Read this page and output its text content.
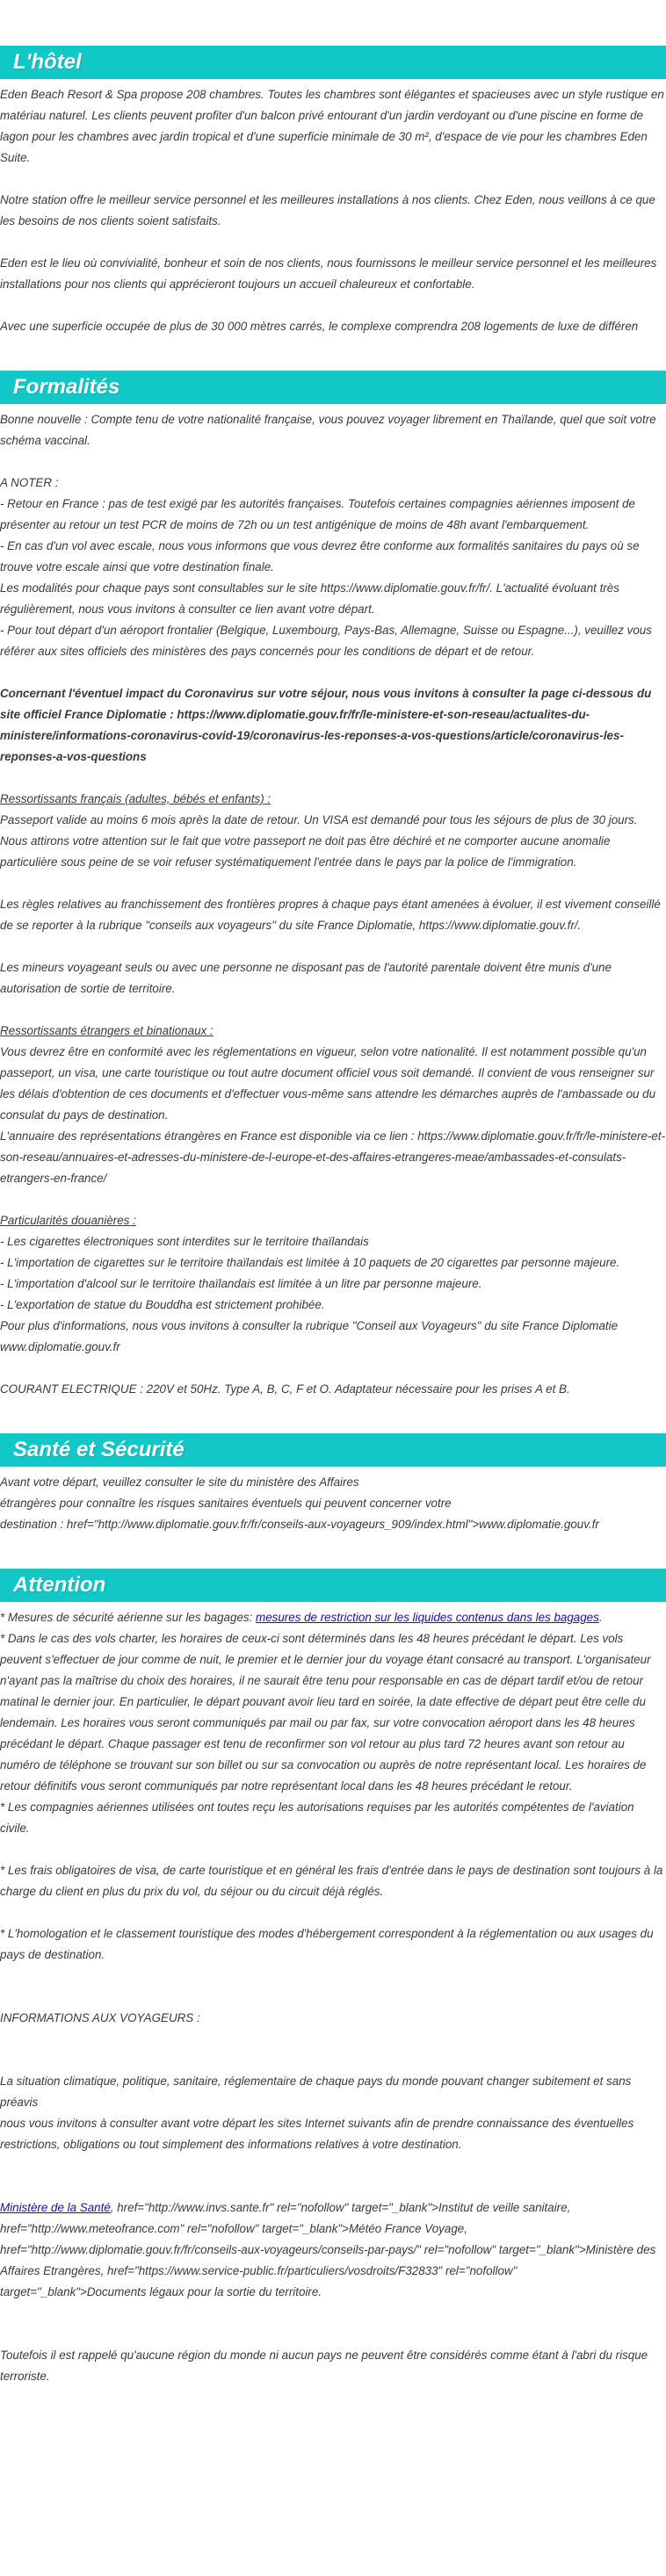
L'hôtel

Eden Beach Resort & Spa propose 208 chambres. Toutes les chambres sont élégantes et spacieuses avec un style rustique en matériau naturel. Les clients peuvent profiter d'un balcon privé entourant d'un jardin verdoyant ou d'une piscine en forme de lagon pour les chambres avec jardin tropical et d'une superficie minimale de 30 m², d'espace de vie pour les chambres Eden Suite.

Notre station offre le meilleur service personnel et les meilleures installations à nos clients. Chez Eden, nous veillons à ce que les besoins de nos clients soient satisfaits.

Eden est le lieu où convivialité, bonheur et soin de nos clients, nous fournissons le meilleur service personnel et les meilleures installations pour nos clients qui apprécieront toujours un accueil chaleureux et confortable.

Avec une superficie occupée de plus de 30 000 mètres carrés, le complexe comprendra 208 logements de luxe de différen

Formalités

Bonne nouvelle : Compte tenu de votre nationalité française, vous pouvez voyager librement en Thaïlande, quel que soit votre schéma vaccinal.

A NOTER :

- Retour en France : pas de test exigé par les autorités françaises. Toutefois certaines compagnies aériennes imposent de présenter au retour un test PCR de moins de 72h ou un test antigénique de moins de 48h avant l'embarquement.

- En cas d'un vol avec escale, nous vous informons que vous devrez être conforme aux formalités sanitaires du pays où se trouve votre escale ainsi que votre destination finale.

Les modalités pour chaque pays sont consultables sur le site https://www.diplomatie.gouv.fr/fr/. L'actualité évoluant très régulièrement, nous vous invitons à consulter ce lien avant votre départ.

- Pour tout départ d'un aéroport frontalier (Belgique, Luxembourg, Pays-Bas, Allemagne, Suisse ou Espagne...), veuillez vous référer aux sites officiels des ministères des pays concernés pour les conditions de départ et de retour.

Concernant l'éventuel impact du Coronavirus sur votre séjour, nous vous invitons à consulter la page ci-dessous du site officiel France Diplomatie : https://www.diplomatie.gouv.fr/fr/le-ministere-et-son-reseau/actualites-du-ministere/informations-coronavirus-covid-19/coronavirus-les-reponses-a-vos-questions/article/coronavirus-les-reponses-a-vos-questions

Ressortissants français (adultes, bébés et enfants) :

Passeport valide au moins 6 mois après la date de retour. Un VISA est demandé pour tous les séjours de plus de 30 jours. Nous attirons votre attention sur le fait que votre passeport ne doit pas être déchiré et ne comporter aucune anomalie particulière sous peine de se voir refuser systématiquement l'entrée dans le pays par la police de l'immigration.

Les règles relatives au franchissement des frontières propres à chaque pays étant amenées à évoluer, il est vivement conseillé de se reporter à la rubrique "conseils aux voyageurs" du site France Diplomatie, https://www.diplomatie.gouv.fr/.

Les mineurs voyageant seuls ou avec une personne ne disposant pas de l'autorité parentale doivent être munis d'une autorisation de sortie de territoire.

Ressortissants étrangers et binationaux :

Vous devrez être en conformité avec les réglementations en vigueur, selon votre nationalité. Il est notamment possible qu'un passeport, un visa, une carte touristique ou tout autre document officiel vous soit demandé. Il convient de vous renseigner sur les délais d'obtention de ces documents et d'effectuer vous-même sans attendre les démarches auprès de l'ambassade ou du consulat du pays de destination.

L'annuaire des représentations étrangères en France est disponible via ce lien : https://www.diplomatie.gouv.fr/fr/le-ministere-et-son-reseau/annuaires-et-adresses-du-ministere-de-l-europe-et-des-affaires-etrangeres-meae/ambassades-et-consulats-etrangers-en-france/

Particularités douanières :

- Les cigarettes électroniques sont interdites sur le territoire thaïlandais

- L'importation de cigarettes sur le territoire thaïlandais est limitée à 10 paquets de 20 cigarettes par personne majeure.

- L'importation d'alcool sur le territoire thaïlandais est limitée à un litre par personne majeure.

- L'exportation de statue du Bouddha est strictement prohibée.

Pour plus d'informations, nous vous invitons à consulter la rubrique "Conseil aux Voyageurs" du site France Diplomatie www.diplomatie.gouv.fr

COURANT ELECTRIQUE : 220V et 50Hz. Type A, B, C, F et O. Adaptateur nécessaire pour les prises A et B.

Santé et Sécurité

Avant votre départ, veuillez consulter le site du ministère des Affaires

étrangères pour connaître les risques sanitaires éventuels qui peuvent concerner votre

destination : href="http://www.diplomatie.gouv.fr/fr/conseils-aux-voyageurs_909/index.html">www.diplomatie.gouv.fr

Attention

* Mesures de sécurité aérienne sur les bagages: mesures de restriction sur les liquides contenus dans les bagages.

* Dans le cas des vols charter, les horaires de ceux-ci sont déterminés dans les 48 heures précédant le départ. Les vols peuvent s'effectuer de jour comme de nuit, le premier et le dernier jour du voyage étant consacré au transport. L'organisateur n'ayant pas la maîtrise du choix des horaires, il ne saurait être tenu pour responsable en cas de départ tardif et/ou de retour matinal le dernier jour. En particulier, le départ pouvant avoir lieu tard en soirée, la date effective de départ peut être celle du lendemain. Les horaires vous seront communiqués par mail ou par fax, sur votre convocation aéroport dans les 48 heures précédant le départ. Chaque passager est tenu de reconfirmer son vol retour au plus tard 72 heures avant son retour au numéro de téléphone se trouvant sur son billet ou sur sa convocation ou auprès de notre représentant local. Les horaires de retour définitifs vous seront communiqués par notre représentant local dans les 48 heures précédant le retour.

* Les compagnies aériennes utilisées ont toutes reçu les autorisations requises par les autorités compétentes de l'aviation civile.

* Les frais obligatoires de visa, de carte touristique et en général les frais d'entrée dans le pays de destination sont toujours à la charge du client en plus du prix du vol, du séjour ou du circuit déjà réglés.

* L'homologation et le classement touristique des modes d'hébergement correspondent à la réglementation ou aux usages du pays de destination.

INFORMATIONS AUX VOYAGEURS :

La situation climatique, politique, sanitaire, réglementaire de chaque pays du monde pouvant changer subitement et sans préavis

nous vous invitons à consulter avant votre départ les sites Internet suivants afin de prendre connaissance des éventuelles restrictions, obligations ou tout simplement des informations relatives à votre destination.

Ministère de la Santé, href="http://www.invs.sante.fr" rel="nofollow" target="_blank">Institut de veille sanitaire, href="http://www.meteofrance.com" rel="nofollow" target="_blank">Météo France Voyage, href="http://www.diplomatie.gouv.fr/fr/conseils-aux-voyageurs/conseils-par-pays/" rel="nofollow" target="_blank">Ministère des Affaires Etrangères, href="https://www.service-public.fr/particuliers/vosdroits/F32833" rel="nofollow" target="_blank">Documents légaux pour la sortie du territoire.

Toutefois il est rappelé qu'aucune région du monde ni aucun pays ne peuvent être considérés comme étant à l'abri du risque terroriste.
